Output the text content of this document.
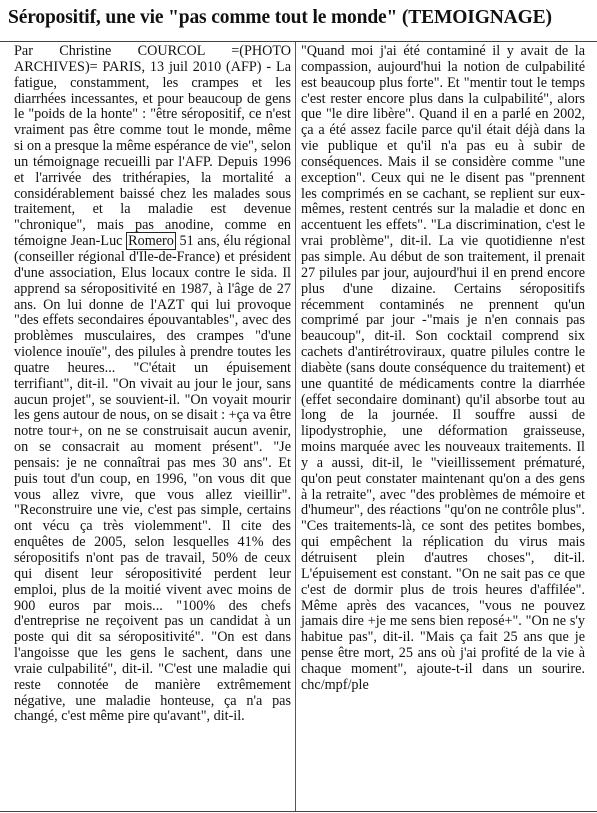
Séropositif, une vie "pas comme tout le monde" (TEMOIGNAGE)

Par Christine COURCOL =(PHOTO ARCHIVES)= PARIS, 13 juil 2010 (AFP) - La fatigue, constamment, les crampes et les diarrhées incessantes, et pour beaucoup de gens le "poids de la honte" : "être séropositif, ce n'est vraiment pas être comme tout le monde, même si on a presque la même espérance de vie", selon un témoignage recueilli par l'AFP. Depuis 1996 et l'arrivée des trithérapies, la mortalité a considérablement baissé chez les malades sous traitement, et la maladie est devenue "chronique", mais pas anodine, comme en témoigne Jean-Luc Romero 51 ans, élu régional (conseiller régional d'Ile-de-France) et président d'une association, Elus locaux contre le sida. Il apprend sa séropositivité en 1987, à l'âge de 27 ans. On lui donne de l'AZT qui lui provoque "des effets secondaires épouvantables", avec des problèmes musculaires, des crampes "d'une violence inouïe", des pilules à prendre toutes les quatre heures... "C'était un épuisement terrifiant", dit-il. "On vivait au jour le jour, sans aucun projet", se souvient-il. "On voyait mourir les gens autour de nous, on se disait : +ça va être notre tour+, on ne se construisait aucun avenir, on se consacrait au moment présent". "Je pensais: je ne connaîtrai pas mes 30 ans". Et puis tout d'un coup, en 1996, "on vous dit que vous allez vivre, que vous allez vieillir". "Reconstruire une vie, c'est pas simple, certains ont vécu ça très violemment". Il cite des enquêtes de 2005, selon lesquelles 41% des séropositifs n'ont pas de travail, 50% de ceux qui disent leur séropositivité perdent leur emploi, plus de la moitié vivent avec moins de 900 euros par mois... "100% des chefs d'entreprise ne reçoivent pas un candidat à un poste qui dit sa séropositivité". "On est dans l'angoisse que les gens le sachent, dans une vraie culpabilité", dit-il. "C'est une maladie qui reste connotée de manière extrêmement négative, une maladie honteuse, ça n'a pas changé, c'est même pire qu'avant", dit-il.

"Quand moi j'ai été contaminé il y avait de la compassion, aujourd'hui la notion de culpabilité est beaucoup plus forte". Et "mentir tout le temps c'est rester encore plus dans la culpabilité", alors que "le dire libère". Quand il en a parlé en 2002, ça a été assez facile parce qu'il était déjà dans la vie publique et qu'il n'a pas eu à subir de conséquences. Mais il se considère comme "une exception". Ceux qui ne le disent pas "prennent les comprimés en se cachant, se replient sur eux-mêmes, restent centrés sur la maladie et donc en accentuent les effets". "La discrimination, c'est le vrai problème", dit-il. La vie quotidienne n'est pas simple. Au début de son traitement, il prenait 27 pilules par jour, aujourd'hui il en prend encore plus d'une dizaine. Certains séropositifs récemment contaminés ne prennent qu'un comprimé par jour -"mais je n'en connais pas beaucoup", dit-il. Son cocktail comprend six cachets d'antirétroviraux, quatre pilules contre le diabète (sans doute conséquence du traitement) et une quantité de médicaments contre la diarrhée (effet secondaire dominant) qu'il absorbe tout au long de la journée. Il souffre aussi de lipodystrophie, une déformation graisseuse, moins marquée avec les nouveaux traitements. Il y a aussi, dit-il, le "vieillissement prématuré, qu'on peut constater maintenant qu'on a des gens à la retraite", avec "des problèmes de mémoire et d'humeur", des réactions "qu'on ne contrôle plus". "Ces traitements-là, ce sont des petites bombes, qui empêchent la réplication du virus mais détruisent plein d'autres choses", dit-il. L'épuisement est constant. "On ne sait pas ce que c'est de dormir plus de trois heures d'affilée". Même après des vacances, "vous ne pouvez jamais dire +je me sens bien reposé+". "On ne s'y habitue pas", dit-il. "Mais ça fait 25 ans que je pense être mort, 25 ans où j'ai profité de la vie à chaque moment", ajoute-t-il dans un sourire. chc/mpf/ple
